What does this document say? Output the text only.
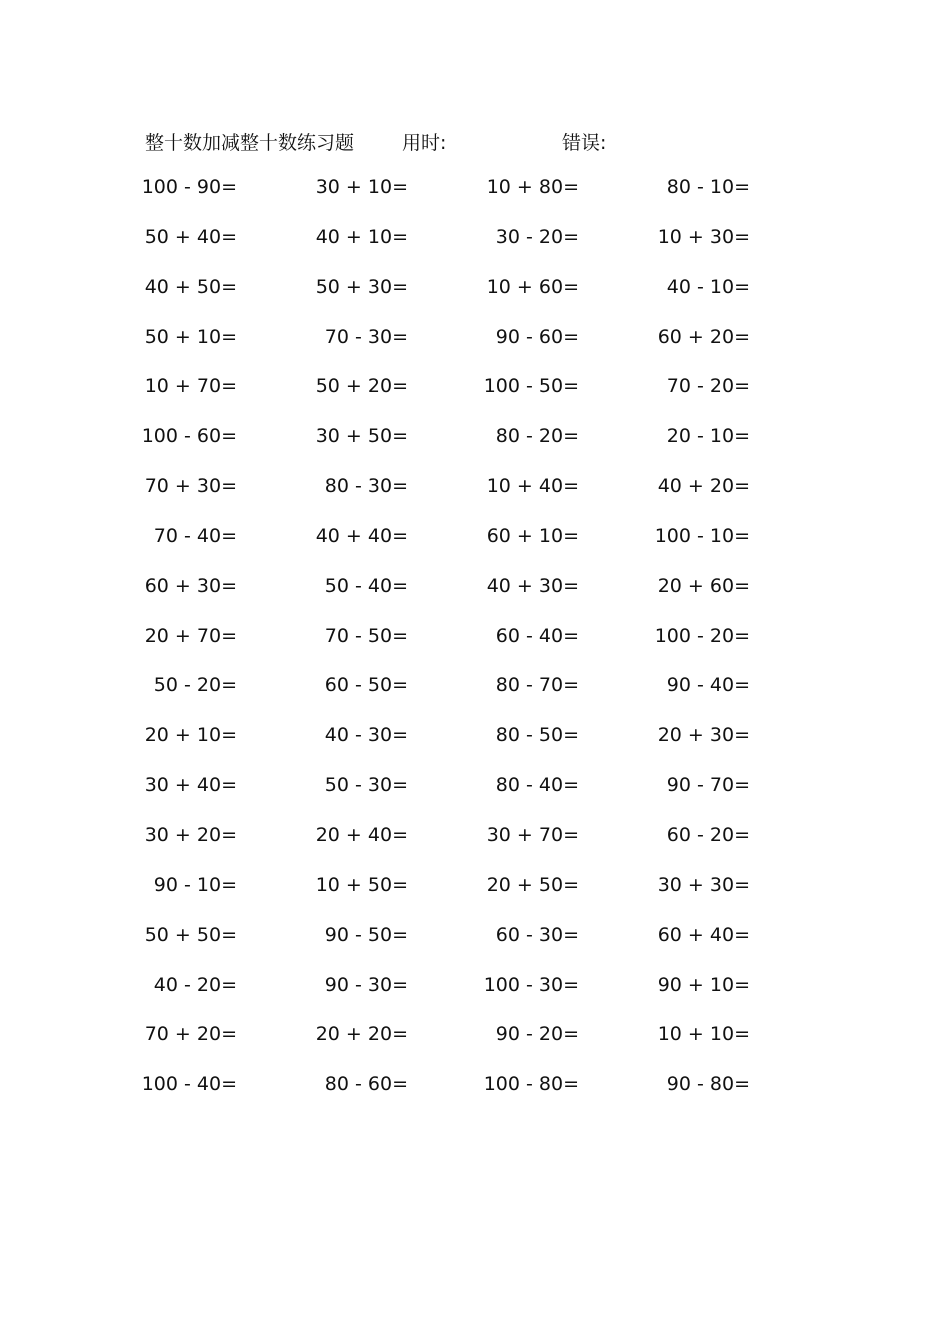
整十数加减整十数练习题	用时:	错误:
100 - 90=	30 + 10=	10 + 80=	80 - 10=
50 + 40=	40 + 10=	30 - 20=	10 + 30=
40 + 50=	50 + 30=	10 + 60=	40 - 10=
50 + 10=	70 - 30=	90 - 60=	60 + 20=
10 + 70=	50 + 20=	100 - 50=	70 - 20=
100 - 60=	30 + 50=	80 - 20=	20 - 10=
70 + 30=	80 - 30=	10 + 40=	40 + 20=
70 - 40=	40 + 40=	60 + 10=	100 - 10=
60 + 30=	50 - 40=	40 + 30=	20 + 60=
20 + 70=	70 - 50=	60 - 40=	100 - 20=
50 - 20=	60 - 50=	80 - 70=	90 - 40=
20 + 10=	40 - 30=	80 - 50=	20 + 30=
30 + 40=	50 - 30=	80 - 40=	90 - 70=
30 + 20=	20 + 40=	30 + 70=	60 - 20=
90 - 10=	10 + 50=	20 + 50=	30 + 30=
50 + 50=	90 - 50=	60 - 30=	60 + 40=
40 - 20=	90 - 30=	100 - 30=	90 + 10=
70 + 20=	20 + 20=	90 - 20=	10 + 10=
100 - 40=	80 - 60=	100 - 80=	90 - 80=
